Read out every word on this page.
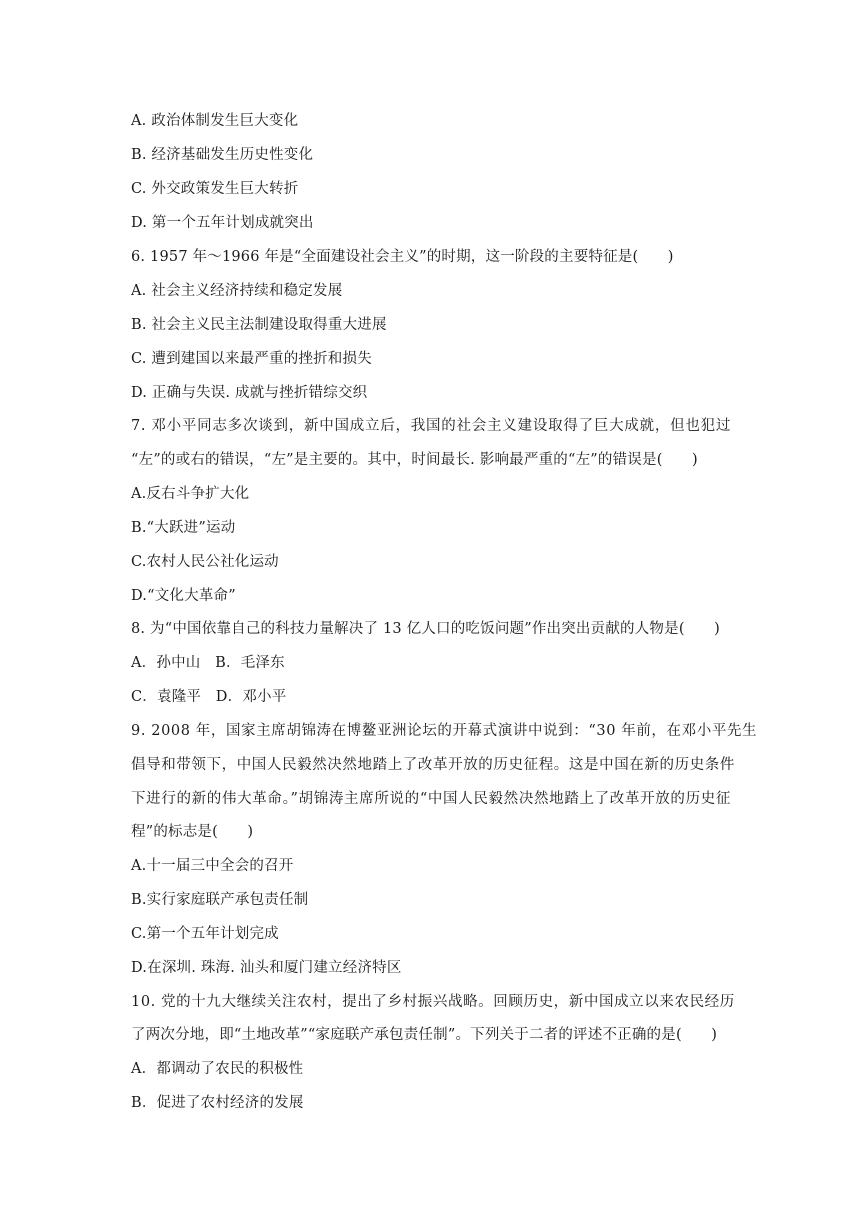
A. 政治体制发生巨大变化
B. 经济基础发生历史性变化
C. 外交政策发生巨大转折
D. 第一个五年计划成就突出
6. 1957 年～1966 年是“全面建设社会主义”的时期，这一阶段的主要特征是(　　)
A. 社会主义经济持续和稳定发展
B. 社会主义民主法制建设取得重大进展
C. 遭到建国以来最严重的挫折和损失
D. 正确与失误. 成就与挫折错综交织
7. 邓小平同志多次谈到，新中国成立后，我国的社会主义建设取得了巨大成就，但也犯过
“左”的或右的错误，“左”是主要的。其中，时间最长. 影响最严重的“左”的错误是(　　)
A.反右斗争扩大化
B.“大跃进”运动
C.农村人民公社化运动
D.“文化大革命”
8. 为“中国依靠自己的科技力量解决了 13 亿人口的吃饭问题”作出突出贡献的人物是(　　)
A．孙中山　B．毛泽东
C．袁隆平　D．邓小平
9. 2008 年，国家主席胡锦涛在博鳌亚洲论坛的开幕式演讲中说到：“30 年前，在邓小平先生
倡导和带领下，中国人民毅然决然地踏上了改革开放的历史征程。这是中国在新的历史条件
下进行的新的伟大革命。”胡锦涛主席所说的“中国人民毅然决然地踏上了改革开放的历史征
程”的标志是(　　)
A.十一届三中全会的召开
B.实行家庭联产承包责任制
C.第一个五年计划完成
D.在深圳. 珠海. 汕头和厦门建立经济特区
10. 党的十九大继续关注农村，提出了乡村振兴战略。回顾历史，新中国成立以来农民经历
了两次分地，即“土地改革”“家庭联产承包责任制”。下列关于二者的评述不正确的是(　　)
A．都调动了农民的积极性
B．促进了农村经济的发展
